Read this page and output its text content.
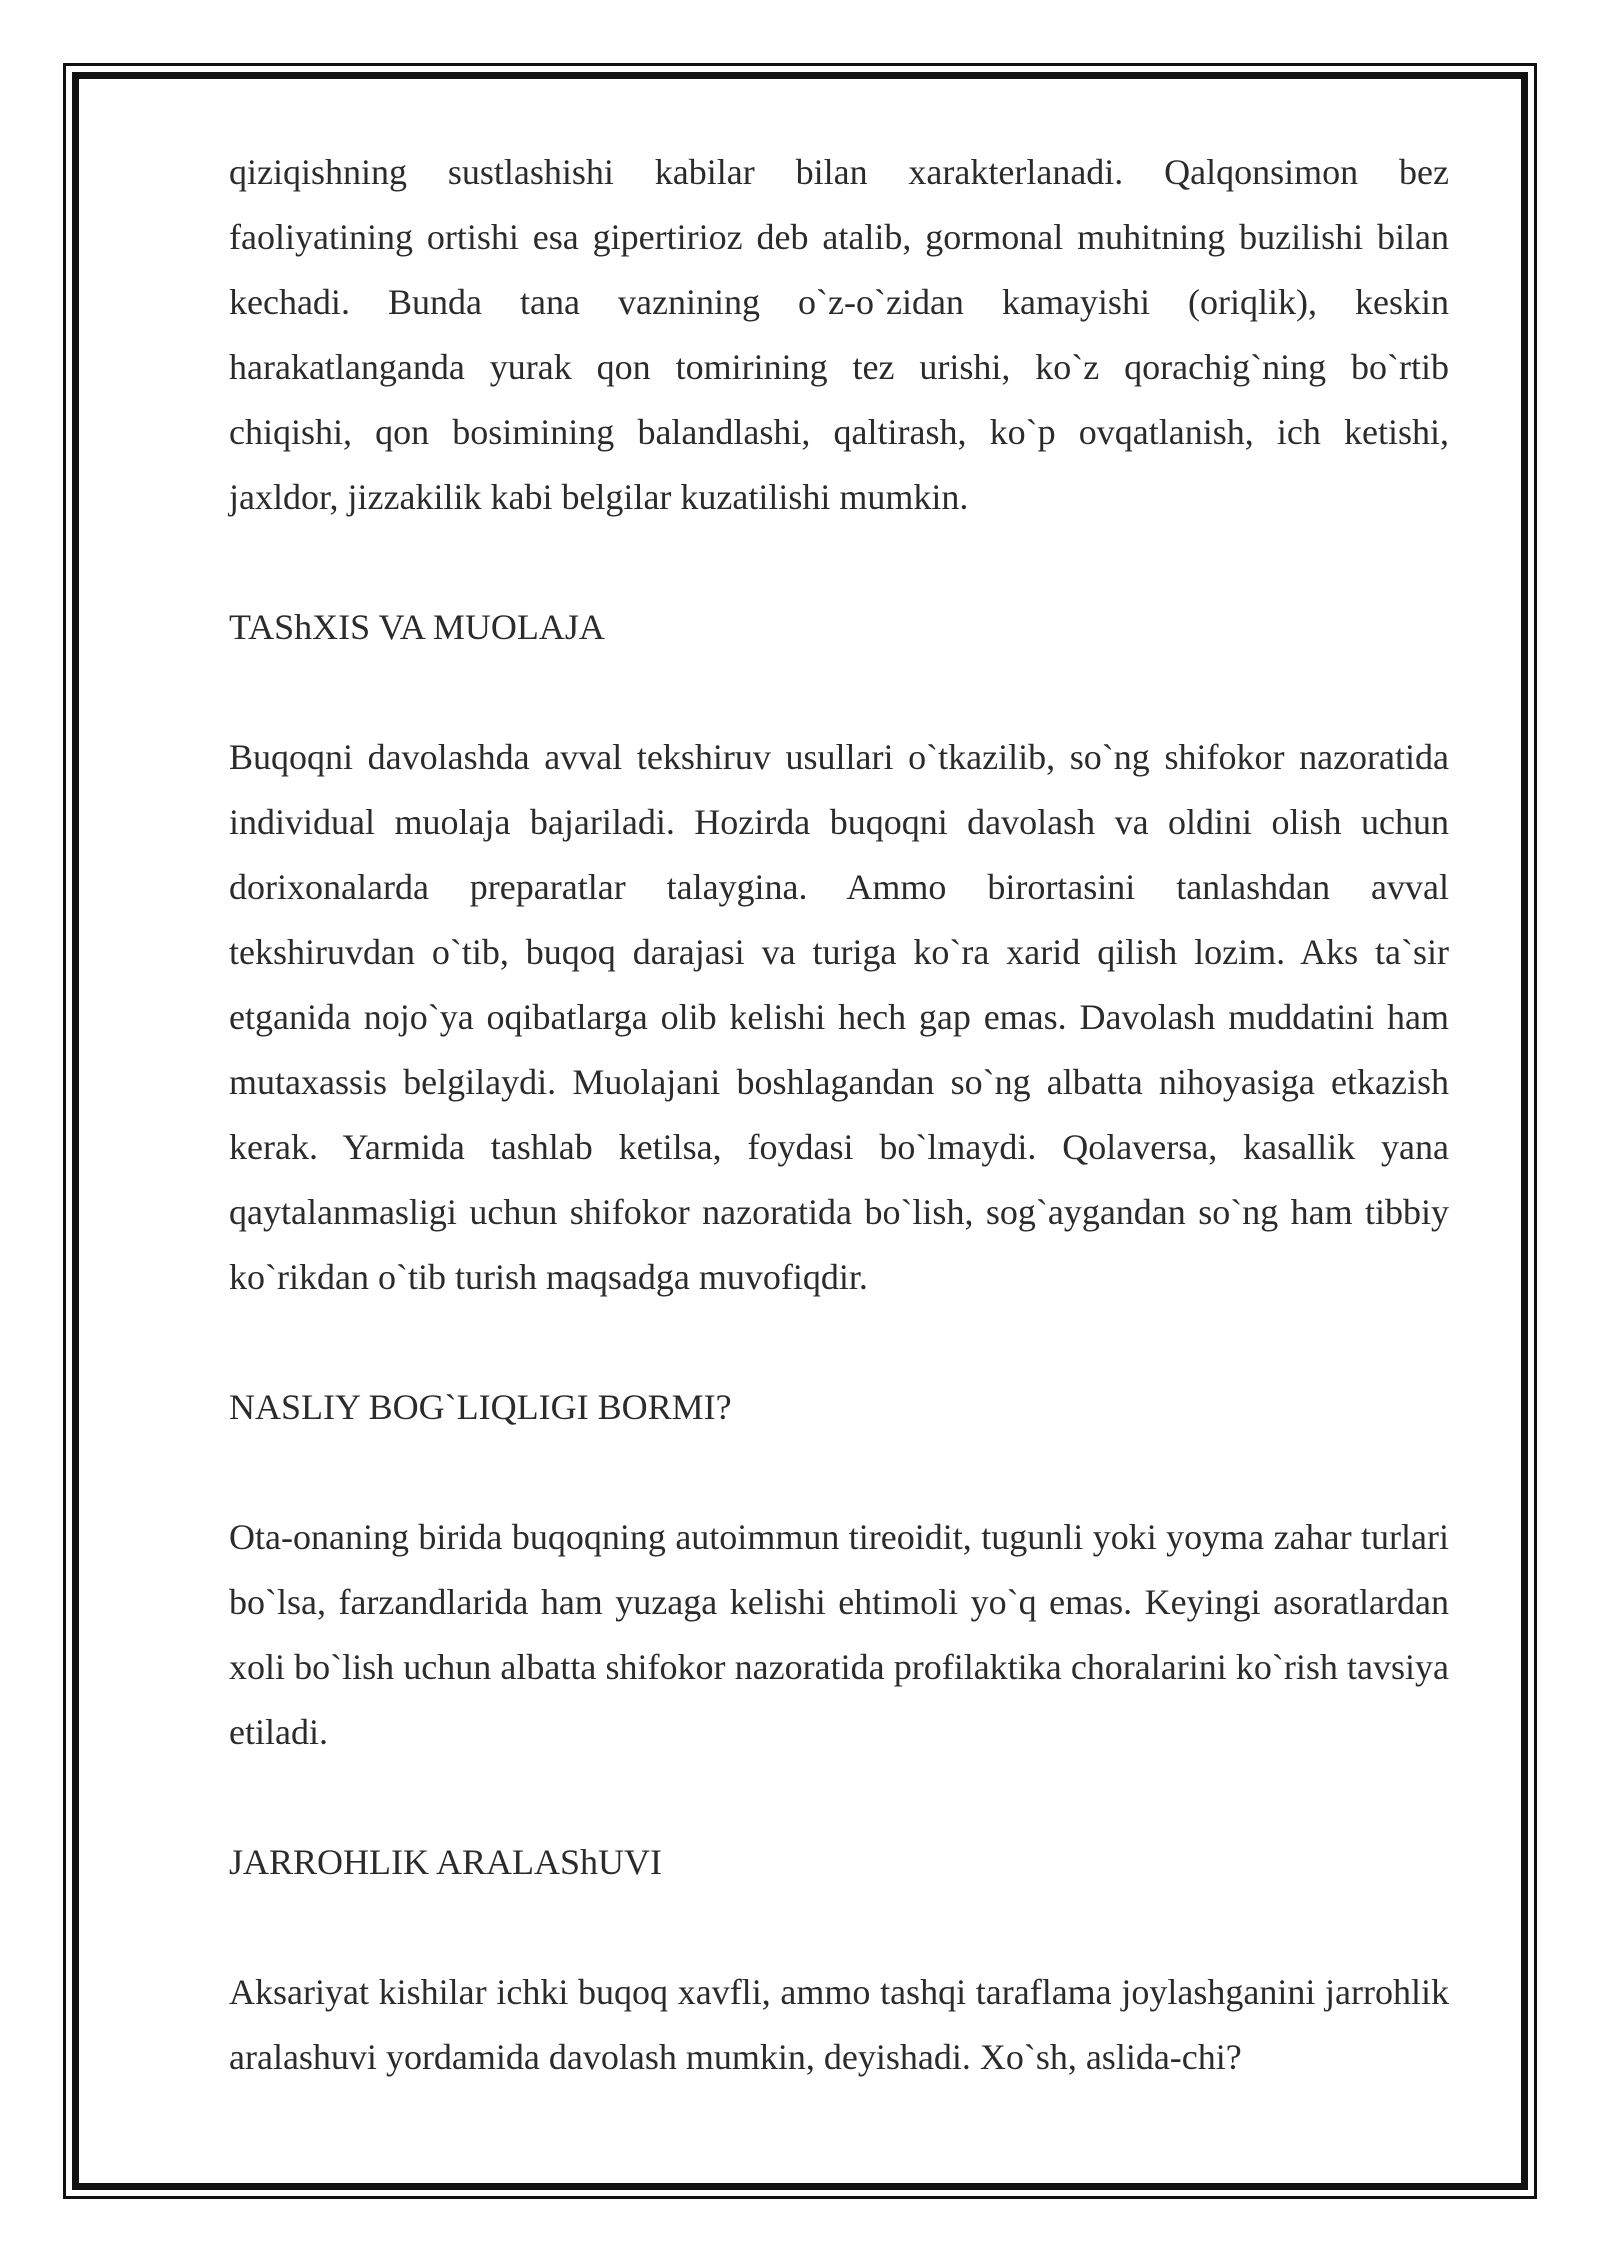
qiziqishning sustlashishi kabilar bilan xarakterlanadi. Qalqonsimon bez faoliyatining ortishi esa gipertirioz deb atalib, gormonal muhitning buzilishi bilan kechadi. Bunda tana vaznining o`z-o`zidan kamayishi (oriqlik), keskin harakatlanganda yurak qon tomirining tez urishi, ko`z qorachig`ning bo`rtib chiqishi, qon bosimining balandlashi, qaltirash, ko`p ovqatlanish, ich ketishi, jaxldor, jizzakilik kabi belgilar kuzatilishi mumkin.

TAShXIS VA MUOLAJA

Buqoqni davolashda avval tekshiruv usullari o`tkazilib, so`ng shifokor nazoratida individual muolaja bajariladi. Hozirda buqoqni davolash va oldini olish uchun dorixonalarda preparatlar talaygina. Ammo birortasini tanlashdan avval tekshiruvdan o`tib, buqoq darajasi va turiga ko`ra xarid qilish lozim. Aks ta`sir etganida nojo`ya oqibatlarga olib kelishi hech gap emas. Davolash muddatini ham mutaxassis belgilaydi. Muolajani boshlagandan so`ng albatta nihoyasiga etkazish kerak. Yarmida tashlab ketilsa, foydasi bo`lmaydi. Qolaversa, kasallik yana qaytalanmasligi uchun shifokor nazoratida bo`lish, sog`aygandan so`ng ham tibbiy ko`rikdan o`tib turish maqsadga muvofiqdir.

NASLIY BOG`LIQLIGI BORMI?

Ota-onaning birida buqoqning autoimmun tireoidit, tugunli yoki yoyma zahar turlari bo`lsa, farzandlarida ham yuzaga kelishi ehtimoli yo`q emas. Keyingi asoratlardan xoli bo`lish uchun albatta shifokor nazoratida profilaktika choralarini ko`rish tavsiya etiladi.

JARROHLIK ARALAShUVI

Aksariyat kishilar ichki buqoq xavfli, ammo tashqi taraflama joylashganini jarrohlik aralashuvi yordamida davolash mumkin, deyishadi. Xo`sh, aslida-chi?
